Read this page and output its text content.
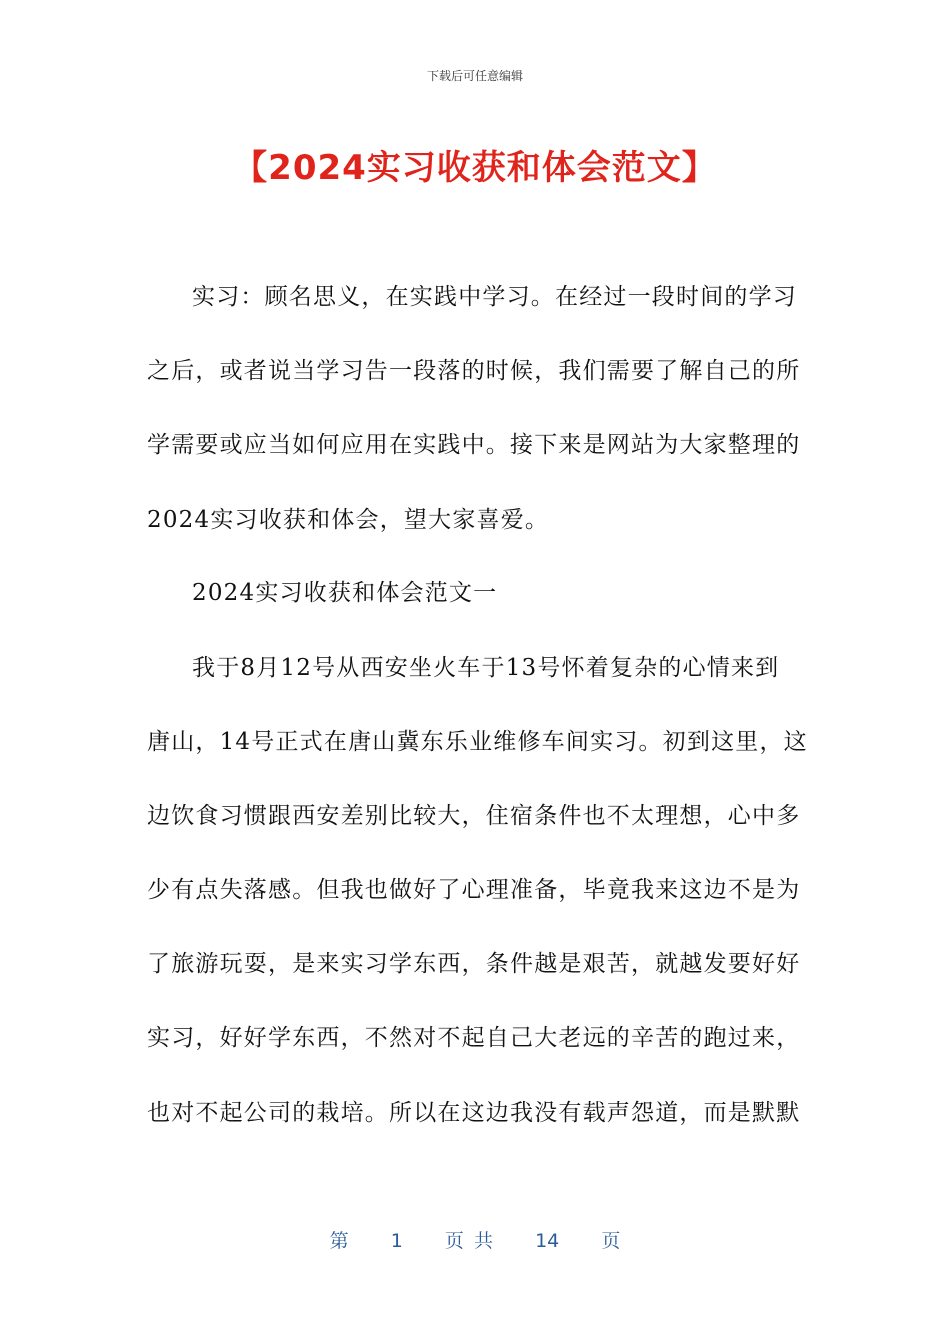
下载后可任意编辑
【2024实习收获和体会范文】
实习：顾名思义，在实践中学习。在经过一段时间的学习
之后，或者说当学习告一段落的时候，我们需要了解自己的所
学需要或应当如何应用在实践中。接下来是网站为大家整理的
2024实习收获和体会，望大家喜爱。
2024实习收获和体会范文一
我于8月12号从西安坐火车于13号怀着复杂的心情来到
唐山，14号正式在唐山冀东乐业维修车间实习。初到这里，这
边饮食习惯跟西安差别比较大，住宿条件也不太理想，心中多
少有点失落感。但我也做好了心理准备，毕竟我来这边不是为
了旅游玩耍，是来实习学东西，条件越是艰苦，就越发要好好
实习，好好学东西，不然对不起自己大老远的辛苦的跑过来，
也对不起公司的栽培。所以在这边我没有载声怨道，而是默默
第 1 页 共 14 页
